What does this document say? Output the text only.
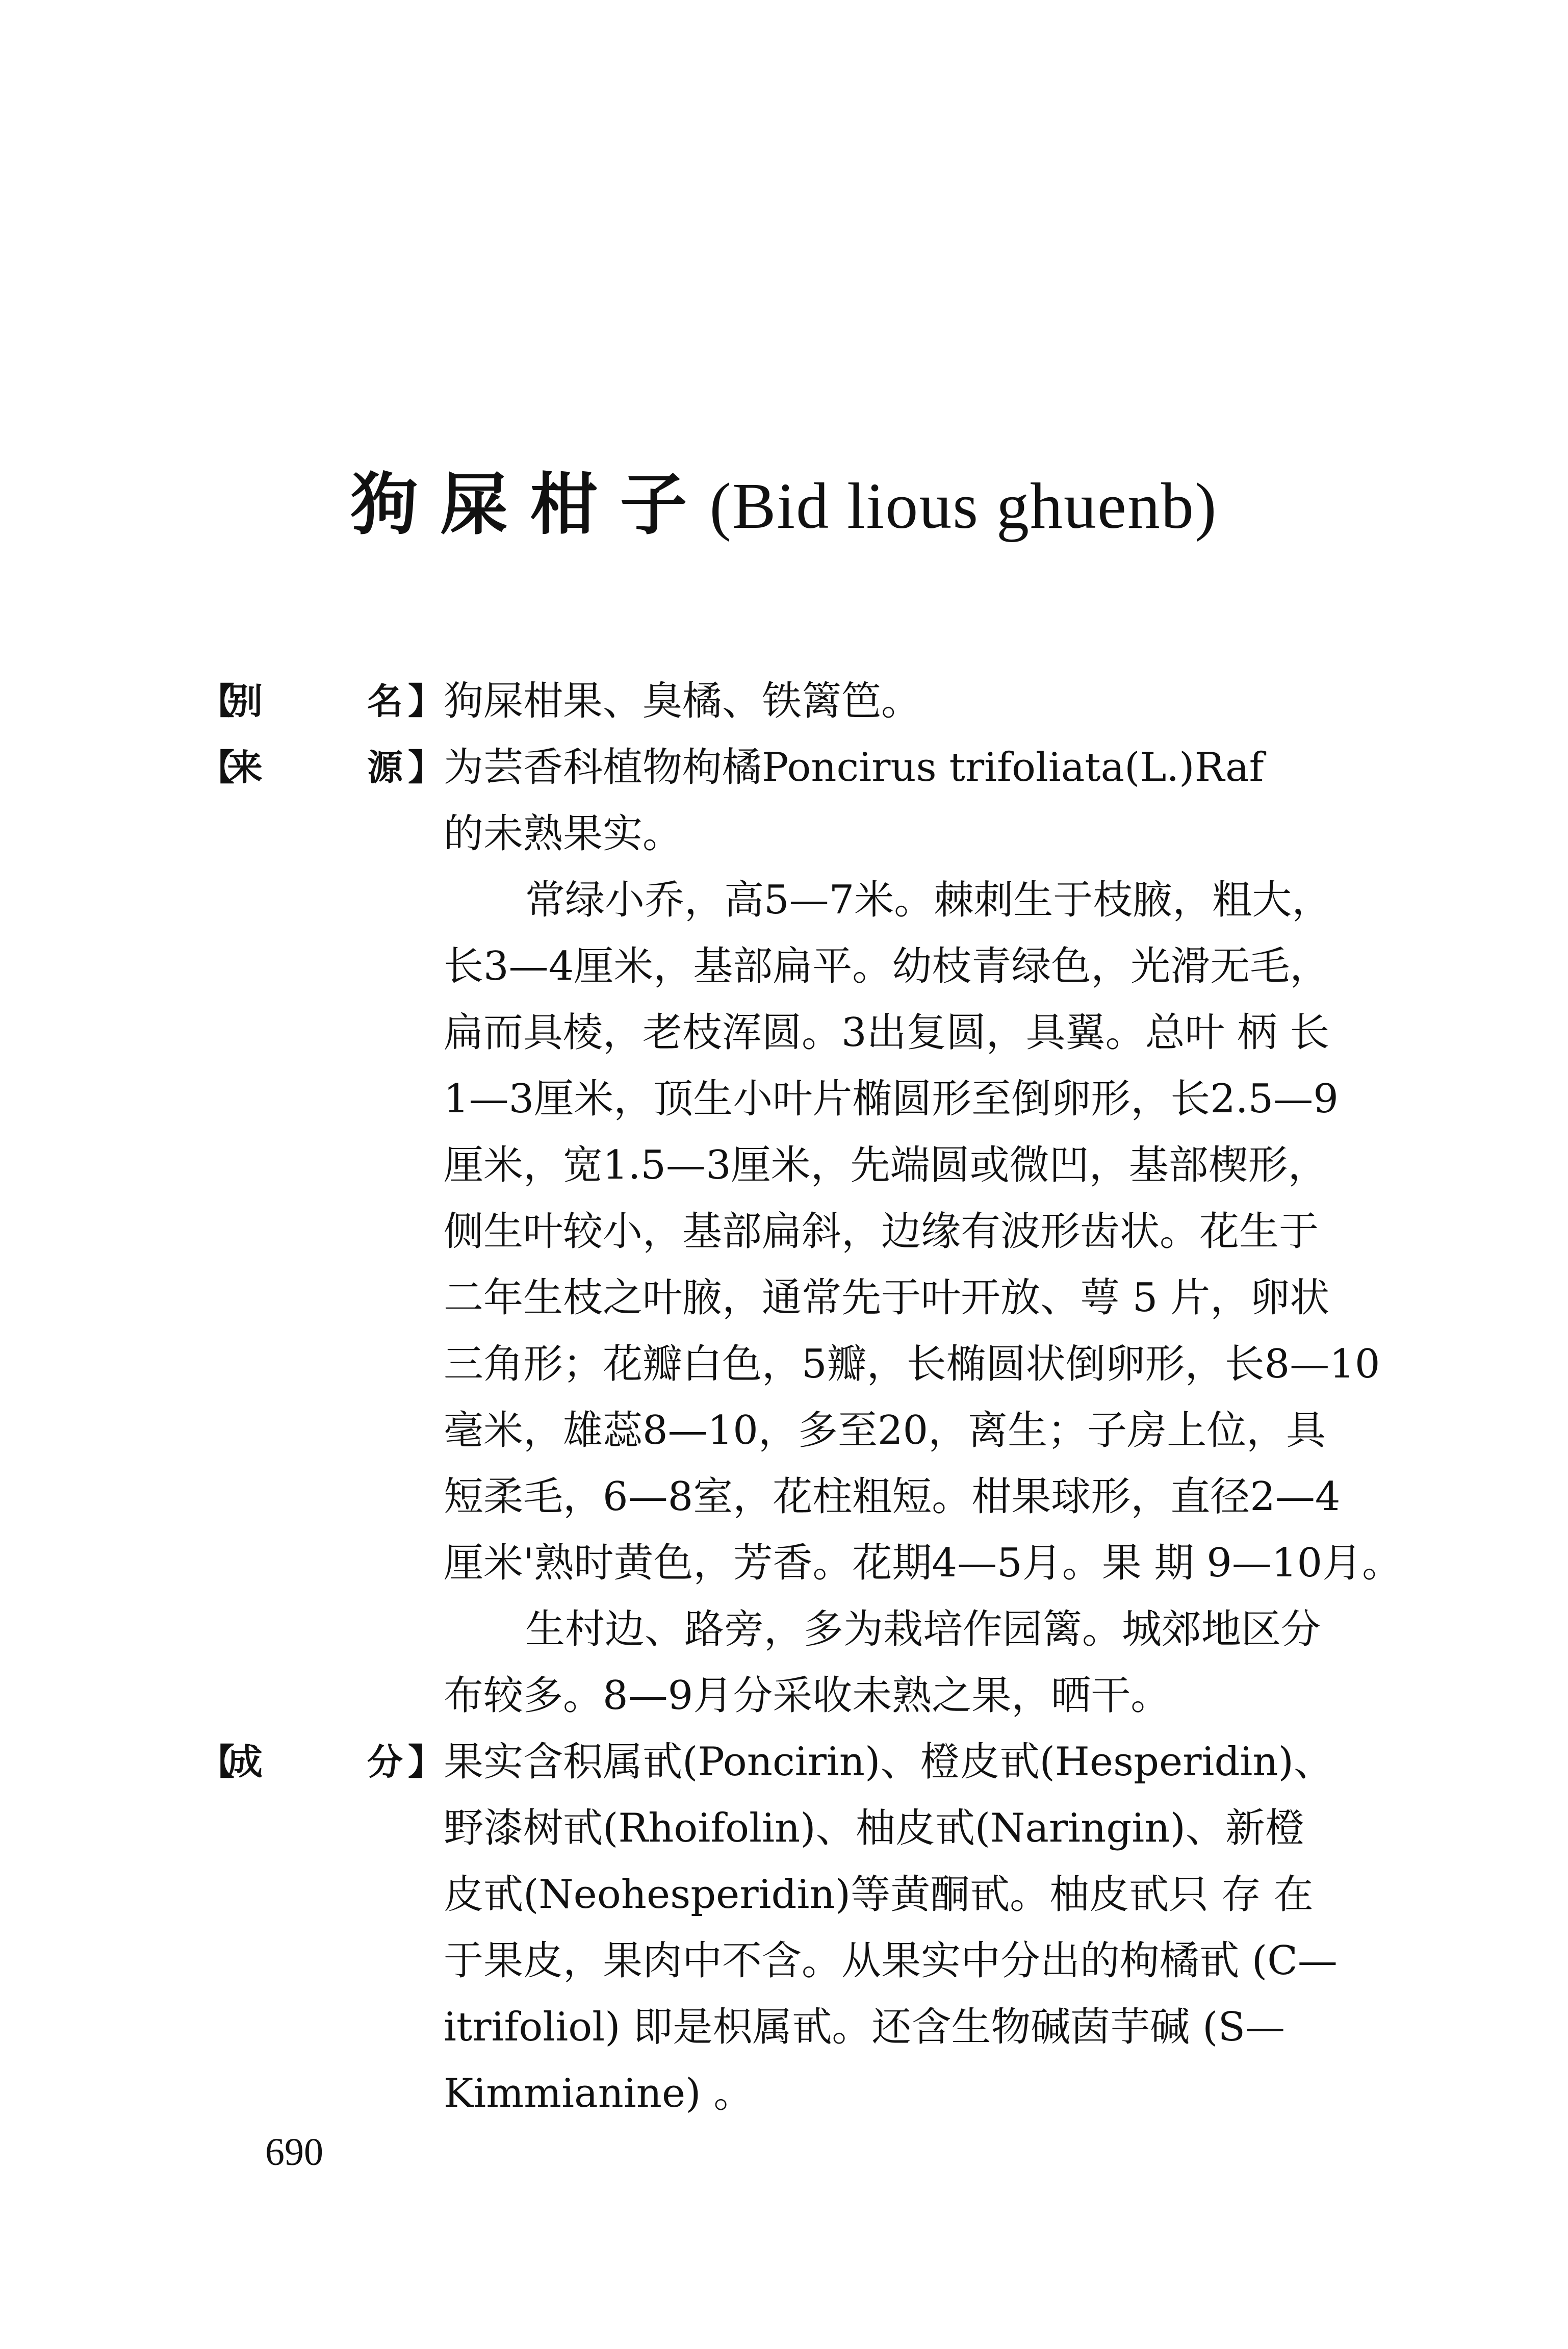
狗屎柑子(Bid lious ghuenb)
【
别	名 】 狗屎柑果、臭橘、铁篱笆。
【
来	源 】 为芸香科植物枸橘Poncirus trifoliata(L.)Raf
的未熟果实。
常绿小乔，高5—7米。棘刺生于枝腋，粗大，
长3—4厘米，基部扁平。幼枝青绿色，光滑无毛，
扁而具棱，老枝浑圆。3出复圆，具翼。总叶 柄 长
1—3厘米，顶生小叶片椭圆形至倒卵形，长2.5—9
厘米，宽1.5—3厘米，先端圆或微凹，基部楔形，
侧生叶较小，基部扁斜，边缘有波形齿状。花生于
二年生枝之叶腋，通常先于叶开放、萼 5 片，卵状
三角形；花瓣白色，5瓣，长椭圆状倒卵形，长8—10
毫米，雄蕊8—10，多至20，离生；子房上位，具
短柔毛，6—8室，花柱粗短。柑果球形，直径2—4
厘米'熟时黄色，芳香。花期4—5月。果 期 9—10月。
生村边、路旁，多为栽培作园篱。城郊地区分
布较多。8—9月分采收未熟之果，晒干。
【
成	分 】 果实含积属甙(Poncirin)、橙皮甙(Hesperidin)、
野漆树甙(Rhoifolin)、柚皮甙(Naringin)、新橙
皮甙(Neohesperidin)等黄酮甙。柚皮甙只 存 在
于果皮，果肉中不含。从果实中分出的枸橘甙 (C—
itrifoliol) 即是枳属甙。还含生物碱茵芋碱 (S—
Kimmianine) 。
690
